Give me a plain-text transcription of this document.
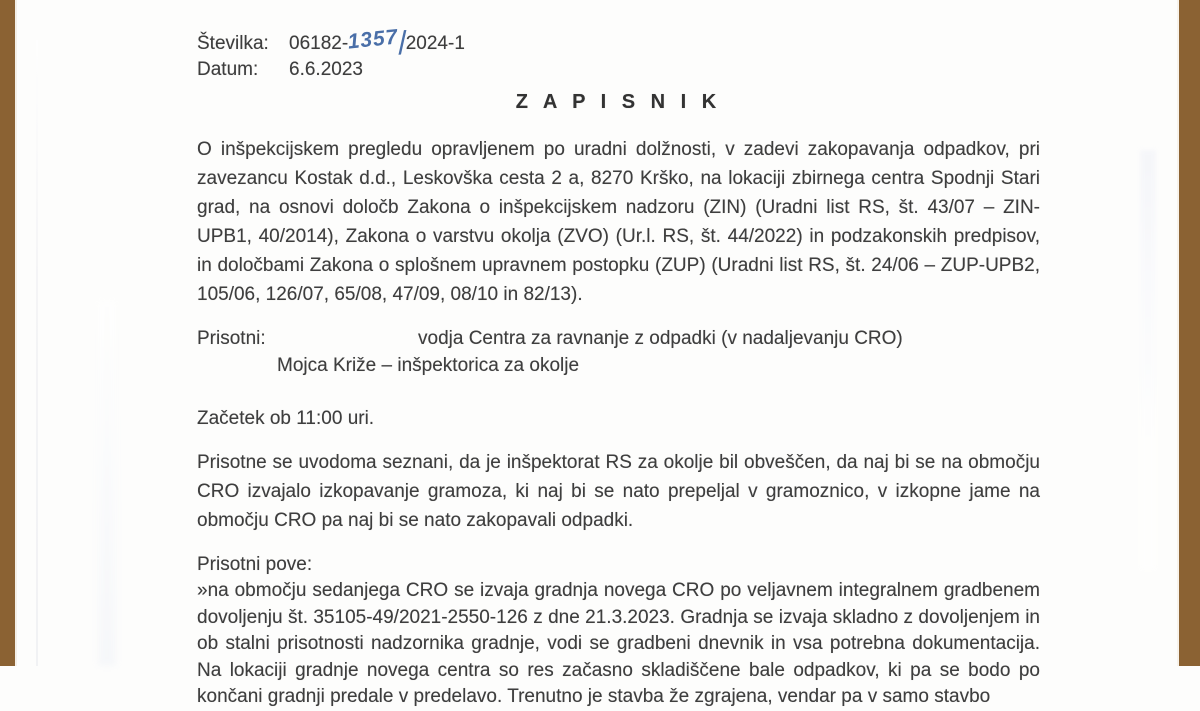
Številka: 06182-1357/2024-1
Datum: 6.6.2023
Z A P I S N I K
O inšpekcijskem pregledu opravljenem po uradni dolžnosti, v zadevi zakopavanja odpadkov, pri zavezancu Kostak d.d., Leskovška cesta 2 a, 8270 Krško, na lokaciji zbirnega centra Spodnji Stari grad, na osnovi določb Zakona o inšpekcijskem nadzoru (ZIN) (Uradni list RS, št. 43/07 – ZIN-UPB1, 40/2014), Zakona o varstvu okolja (ZVO) (Ur.l. RS, št. 44/2022) in podzakonskih predpisov, in določbami Zakona o splošnem upravnem postopku (ZUP) (Uradni list RS, št. 24/06 – ZUP-UPB2, 105/06, 126/07, 65/08, 47/09, 08/10 in 82/13).
Prisotni:	vodja Centra za ravnanje z odpadki (v nadaljevanju CRO)
Mojca Križe – inšpektorica za okolje
Začetek ob 11:00 uri.
Prisotne se uvodoma seznani, da je inšpektorat RS za okolje bil obveščen, da naj bi se na območju CRO izvajalo izkopavanje gramoza, ki naj bi se nato prepeljal v gramoznico, v izkopne jame na območju CRO pa naj bi se nato zakopavali odpadki.
Prisotni pove:
»na območju sedanjega CRO se izvaja gradnja novega CRO po veljavnem integralnem gradbenem dovoljenju št. 35105-49/2021-2550-126 z dne 21.3.2023. Gradnja se izvaja skladno z dovoljenjem in ob stalni prisotnosti nadzornika gradnje, vodi se gradbeni dnevnik in vsa potrebna dokumentacija. Na lokaciji gradnje novega centra so res začasno skladiščene bale odpadkov, ki pa se bodo po končani gradnji predale v predelavo. Trenutno je stavba že zgrajena, vendar pa v samo stavbo
